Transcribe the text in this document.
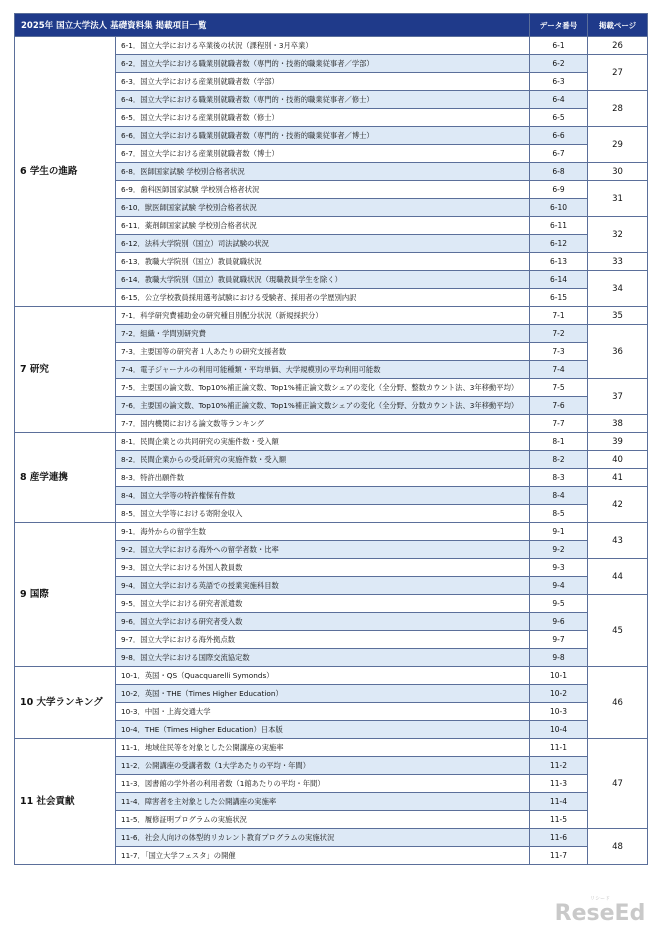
2025年 国立大学法人 基礎資料集 掲載項目一覧		データ番号	掲載ページ
6 学生の進路	6-1．国立大学における卒業後の状況（課程別・3月卒業）	6-1	26
	6-2．国立大学における職業別就職者数（専門的・技術的職業従事者／学部）	6-2	27
	6-3．国立大学における産業別就職者数（学部）	6-3	
	6-4．国立大学における職業別就職者数（専門的・技術的職業従事者／修士）	6-4	28
	6-5．国立大学における産業別就職者数（修士）	6-5	
	6-6．国立大学における職業別就職者数（専門的・技術的職業従事者／博士）	6-6	29
	6-7．国立大学における産業別就職者数（博士）	6-7	
	6-8．医師国家試験 学校別合格者状況	6-8	30
	6-9．歯科医師国家試験 学校別合格者状況	6-9	31
	6-10．獣医師国家試験 学校別合格者状況	6-10	
	6-11．薬剤師国家試験 学校別合格者状況	6-11	32
	6-12．法科大学院別（国立）司法試験の状況	6-12	
	6-13．教職大学院別（国立）教員就職状況	6-13	33
	6-14．教職大学院別（国立）教員就職状況（現職教員学生を除く）	6-14	34
	6-15．公立学校教員採用選考試験における受験者、採用者の学歴別内訳	6-15	
7 研究	7-1．科学研究費補助金の研究種目別配分状況（新規採択分）	7-1	35
	7-2．組織・学問別研究費	7-2	36
	7-3．主要国等の研究者１人あたりの研究支援者数	7-3	
	7-4．電子ジャーナルの利用可能種類・平均単価、大学規模別の平均利用可能数	7-4	
	7-5．主要国の論文数、Top10%補正論文数、Top1%補正論文数シェアの変化（全分野、整数カウント法、3年移動平均）	7-5	37
	7-6．主要国の論文数、Top10%補正論文数、Top1%補正論文数シェアの変化（全分野、分数カウント法、3年移動平均）	7-6	
	7-7．国内機関における論文数等ランキング	7-7	38
8 産学連携	8-1．民間企業との共同研究の実施件数・受入額	8-1	39
	8-2．民間企業からの受託研究の実施件数・受入額	8-2	40
	8-3．特許出願件数	8-3	41
	8-4．国立大学等の特許権保有件数	8-4	42
	8-5．国立大学等における寄附金収入	8-5	
9 国際	9-1．海外からの留学生数	9-1	43
	9-2．国立大学における海外への留学者数・比率	9-2	
	9-3．国立大学における外国人教員数	9-3	44
	9-4．国立大学における英語での授業実施科目数	9-4	
	9-5．国立大学における研究者派遣数	9-5	45
	9-6．国立大学における研究者受入数	9-6	
	9-7．国立大学における海外拠点数	9-7	
	9-8．国立大学における国際交流協定数	9-8	
10 大学ランキング	10-1．英国・QS（Quacquarelli Symonds）	10-1	46
	10-2．英国・THE（Times Higher Education）	10-2	
	10-3．中国・上海交通大学	10-3	
	10-4．THE（Times Higher Education）日本版	10-4	
11 社会貢献	11-1．地域住民等を対象とした公開講座の実施率	11-1	47
	11-2．公開講座の受講者数（1大学あたりの平均・年間）	11-2	
	11-3．図書館の学外者の利用者数（1館あたりの平均・年間）	11-3	
	11-4．障害者を主対象とした公開講座の実施率	11-4	
	11-5．履修証明プログラムの実施状況	11-5	
	11-6．社会人向けの体型的リカレント教育プログラムの実施状況	11-6	48
	11-7．「国立大学フェスタ」の開催	11-7	
リシード
ReseEd
